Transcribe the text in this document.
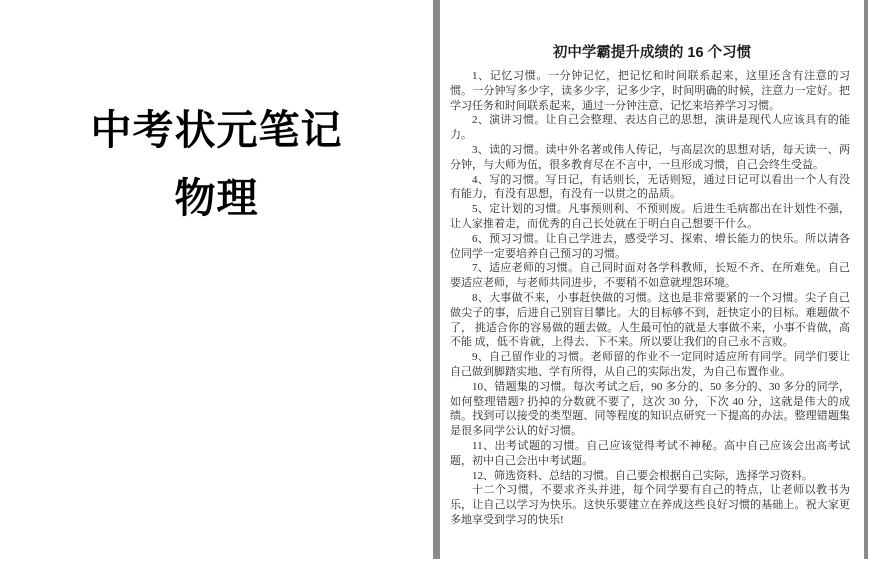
中考状元笔记
物理
初中学霸提升成绩的 16 个习惯

1、记忆习惯。一分钟记忆，把记忆和时间联系起来，这里还含有注意的习惯。一分钟写多少字，读多少字，记多少字，时间明确的时候，注意力一定好。把学习任务和时间联系起来，通过一分钟注意、记忆来培养学习习惯。

2、演讲习惯。让自己会整理、表达自己的思想，演讲是现代人应该具有的能力。

3、读的习惯。读中外名著或伟人传记，与高层次的思想对话，每天读一、两分钟，与大师为伍，很多教育尽在不言中，一旦形成习惯，自己会终生受益。

4、写的习惯。写日记，有话则长，无话则短，通过日记可以看出一个人有没有能力，有没有思想，有没有一以贯之的品质。

5、定计划的习惯。凡事预则利、不预则废。后进生毛病都出在计划性不强，让人家推着走，而优秀的自己长处就在于明白自己想要干什么。

6、预习习惯。让自己学进去，感受学习、探索、增长能力的快乐。所以请各位同学一定要培养自己预习的习惯。

7、适应老师的习惯。自己同时面对各学科教师，长短不齐、在所难免。自己要适应老师，与老师共同进步，不要稍不如意就埋怨环境。

8、大事做不来，小事赶快做的习惯。这也是非常要紧的一个习惯。尖子自己做尖子的事，后进自己别盲目攀比。大的目标够不到，赶快定小的目标。难题做不了， 挑适合你的容易做的题去做。人生最可怕的就是大事做不来，小事不肯做，高不能 成，低不肯就，上得去、下不来。所以要让我们的自己永不言败。

9、自己留作业的习惯。老师留的作业不一定同时适应所有同学。同学们要让自己做到脚踏实地、学有所得，从自己的实际出发，为自己布置作业。

10、错题集的习惯。每次考试之后，90 多分的、50 多分的、30 多分的同学，如何整理错题? 扔掉的分数就不要了，这次 30 分，下次 40 分，这就是伟大的成绩。找到可以接受的类型题、同等程度的知识点研究一下提高的办法。整理错题集是很多同学公认的好习惯。

11、出考试题的习惯。自己应该觉得考试不神秘。高中自己应该会出高考试题，初中自己会出中考试题。

12、筛选资料、总结的习惯。自己要会根据自己实际，选择学习资料。

十二个习惯，不要求齐头并进，每个同学要有自己的特点，让老师以教书为乐，让自己以学习为快乐。这快乐要建立在养成这些良好习惯的基础上。祝大家更多地享受到学习的快乐!
